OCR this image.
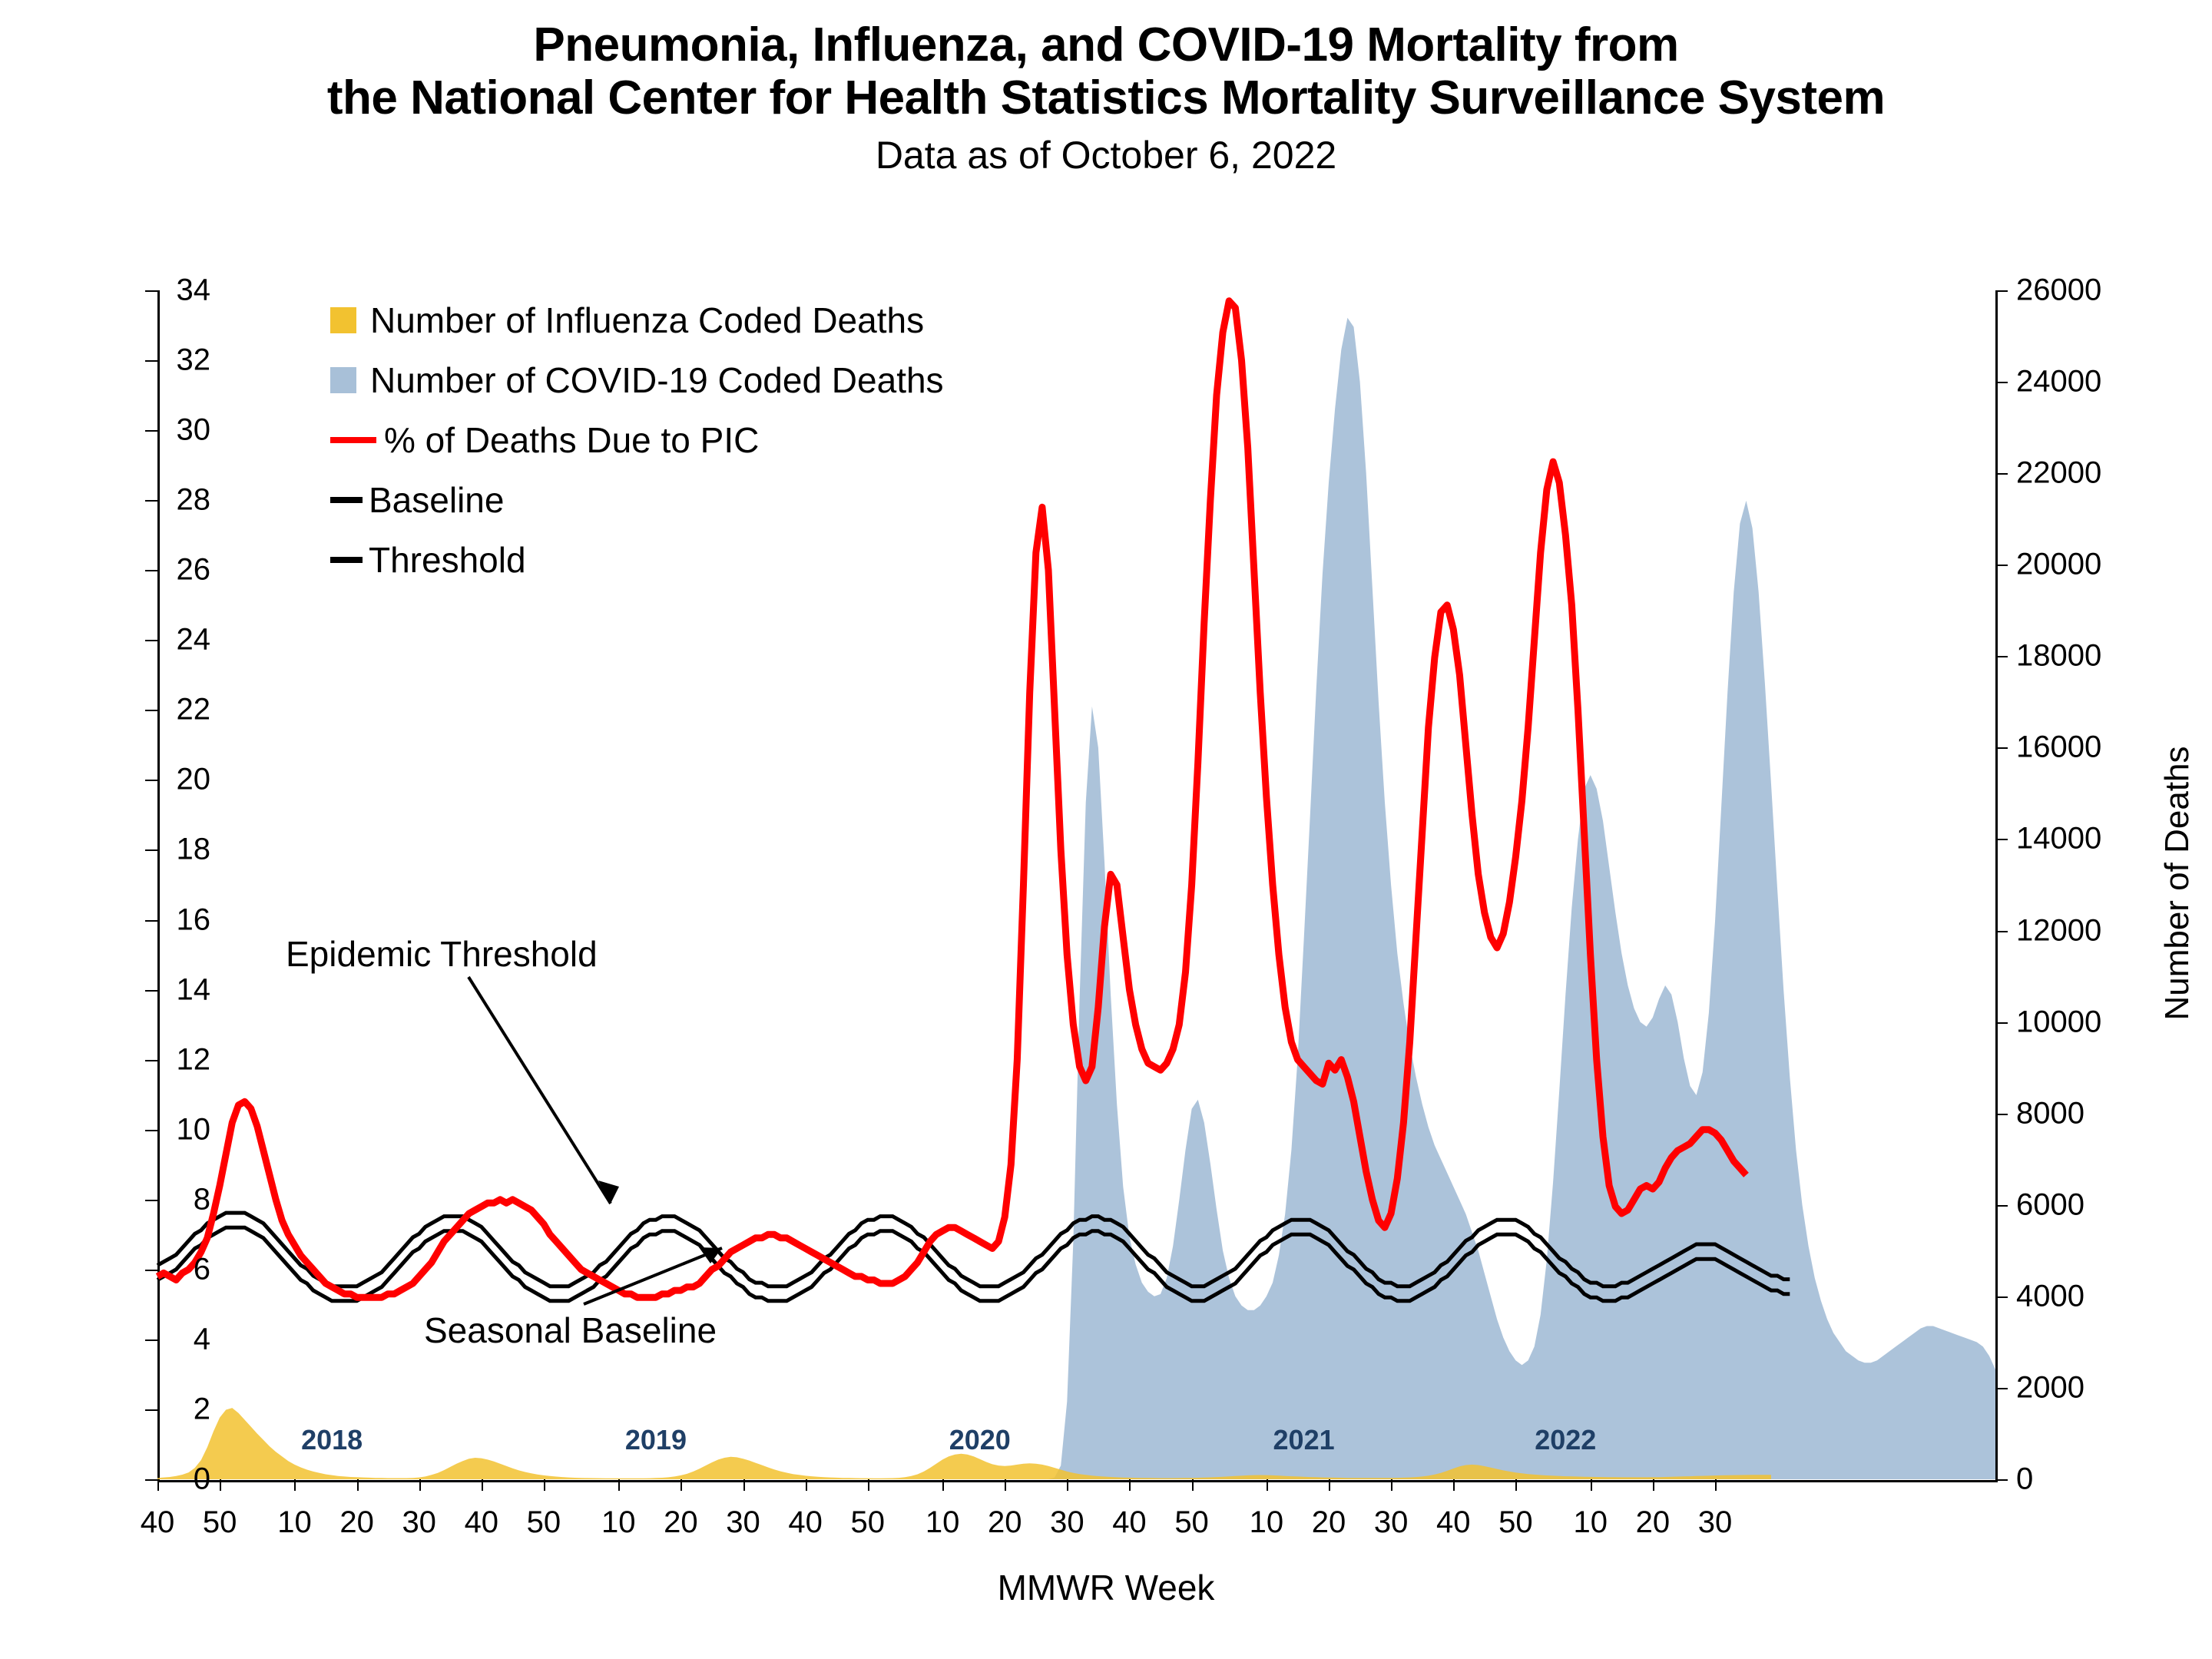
Pneumonia, Influenza, and COVID-19 Mortality from
the National Center for Health Statistics Mortality Surveillance System
Data as of October 6, 2022
Number of Deaths
MMWR Week
2018	2019	2020	2021	2022
0
2
4
6
8
10
12
14
16
18
20
22
24
26
28
30
32
34
0
2000
4000
6000
8000
10000
12000
14000
16000
18000
20000
22000
24000
26000
40 50 10 20 30 40 50 10 20 30 40 50 10 20 30 40 50 10 20 30 40 50 10 20 30
Number of Influenza Coded Deaths
Number of COVID-19 Coded Deaths
% of Deaths Due to PIC
Baseline
Threshold
Epidemic Threshold
Seasonal Baseline
